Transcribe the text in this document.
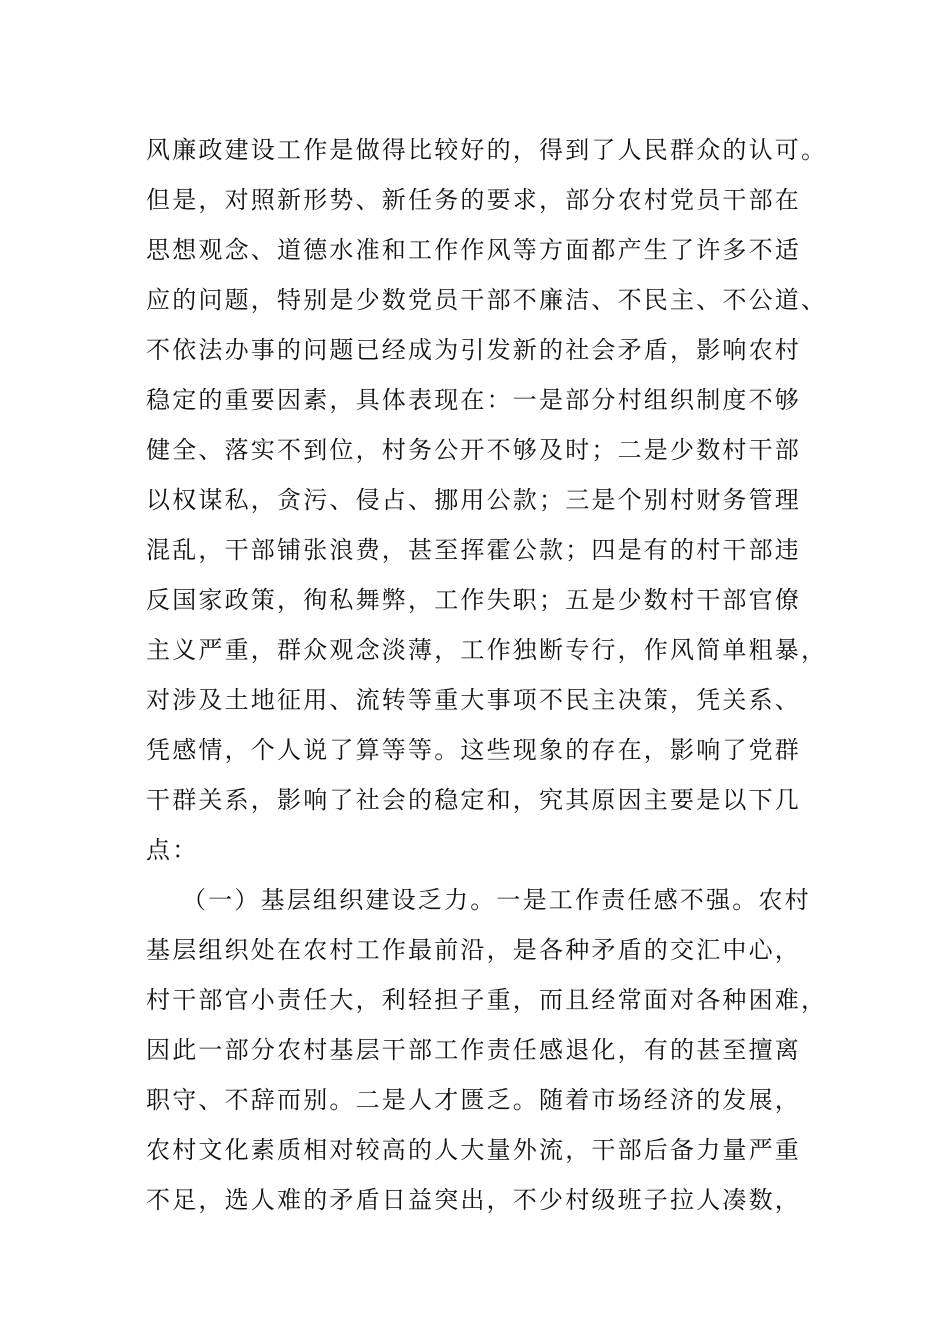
风廉政建设工作是做得比较好的，得到了人民群众的认可。
但是，对照新形势、新任务的要求，部分农村党员干部在
思想观念、道德水准和工作作风等方面都产生了许多不适
应的问题，特别是少数党员干部不廉洁、不民主、不公道、
不依法办事的问题已经成为引发新的社会矛盾，影响农村
稳定的重要因素，具体表现在：一是部分村组织制度不够
健全、落实不到位，村务公开不够及时；二是少数村干部
以权谋私，贪污、侵占、挪用公款；三是个别村财务管理
混乱，干部铺张浪费，甚至挥霍公款；四是有的村干部违
反国家政策，徇私舞弊，工作失职；五是少数村干部官僚
主义严重，群众观念淡薄，工作独断专行，作风简单粗暴，
对涉及土地征用、流转等重大事项不民主决策，凭关系、
凭感情，个人说了算等等。这些现象的存在，影响了党群
干群关系，影响了社会的稳定和，究其原因主要是以下几
点：
（一）基层组织建设乏力。一是工作责任感不强。农村
基层组织处在农村工作最前沿，是各种矛盾的交汇中心，
村干部官小责任大，利轻担子重，而且经常面对各种困难，
因此一部分农村基层干部工作责任感退化，有的甚至擅离
职守、不辞而别。二是人才匮乏。随着市场经济的发展，
农村文化素质相对较高的人大量外流，干部后备力量严重
不足，选人难的矛盾日益突出，不少村级班子拉人凑数，
